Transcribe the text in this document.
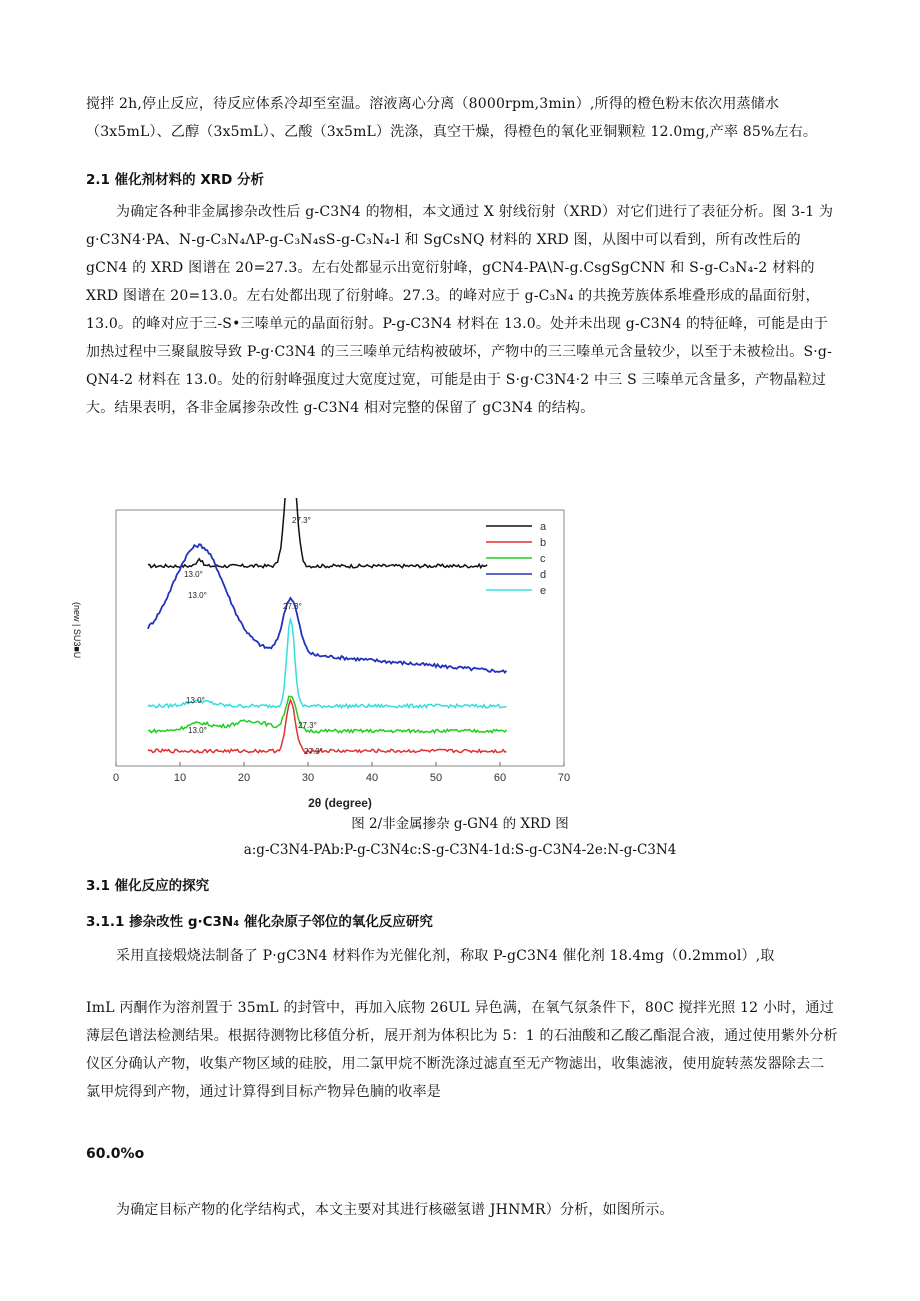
搅拌 2h,停止反应，待反应体系冷却至室温。溶液离心分离（8000rpm,3min）,所得的橙色粉末依次用蒸储水（3x5mL）、乙醇（3x5mL）、乙酸（3x5mL）洗涤，真空干燥，得橙色的氧化亚铜颗粒 12.0mg,产率 85%左右。
2.1 催化剂材料的 XRD 分析
为确定各种非金属掺杂改性后 g-C3N4 的物相，本文通过 X 射线衍射（XRD）对它们进行了表征分析。图 3-1 为 g·C3N4·PA、N-g-C₃N₄ΛP-g-C₃N₄sS-g-C₃N₄-l 和 SgCsNQ 材料的 XRD 图，从图中可以看到，所有改性后的 gCN4 的 XRD 图谱在 20=27.3。左右处都显示出宽衍射峰，gCN4-PA\N-g.CsgSgCNN 和 S-g-C₃N₄-2 材料的 XRD 图谱在 20=13.0。左右处都出现了衍射峰。27.3。的峰对应于 g-C₃N₄ 的共挽芳族体系堆叠形成的晶面衍射，13.0。的峰对应于三-S•三嗪单元的晶面衍射。P-g-C3N4 材料在 13.0。处并未出现 g-C3N4 的特征峰，可能是由于加热过程中三聚鼠胺导致 P-g·C3N4 的三三嗪单元结构被破坏，产物中的三三嗪单元含量较少，以至于未被检出。S·g-QN4-2 材料在 13.0。处的衍射峰强度过大宽度过宽，可能是由于 S·g·C3N4·2 中三 S 三嗪单元含量多，产物晶粒过大。结果表明，各非金属掺杂改性 g-C3N4 相对完整的保留了 gC3N4 的结构。
(new | SU3■U
a
b
c
d
e
27.3°
13.0°
13.0°
27.3°
13.0°
13.0°
27.3°
27.3°
0	10	20	30	40	50	60	70
2θ (degree)
图 2/非金属掺杂 g-GN4 的 XRD 图
a:g-C3N4-PAb:P-g-C3N4c:S-g-C3N4-1d:S-g-C3N4-2e:N-g-C3N4
3.1 催化反应的探究
3.1.1 掺杂改性 g·C3N₄ 催化杂原子邻位的氧化反应研究
采用直接煅烧法制备了 P·gC3N4 材料作为光催化剂，称取 P-gC3N4 催化剂 18.4mg（0.2mmol）,取
ImL 丙酮作为溶剂置于 35mL 的封管中，再加入底物 26UL 异色满，在氧气氛条件下，80C 搅拌光照 12 小时，通过薄层色谱法检测结果。根据待测物比移值分析，展开剂为体积比为 5：1 的石油酸和乙酸乙酯混合液，通过使用紫外分析仪区分确认产物，收集产物区域的硅胶，用二氯甲烷不断洗涤过滤直至无产物滤出，收集滤液，使用旋转蒸发器除去二氯甲烷得到产物，通过计算得到目标产物异色腩的收率是
60.0%o
为确定目标产物的化学结构式，本文主要对其进行核磁氢谱 JHNMR）分析，如图所示。
